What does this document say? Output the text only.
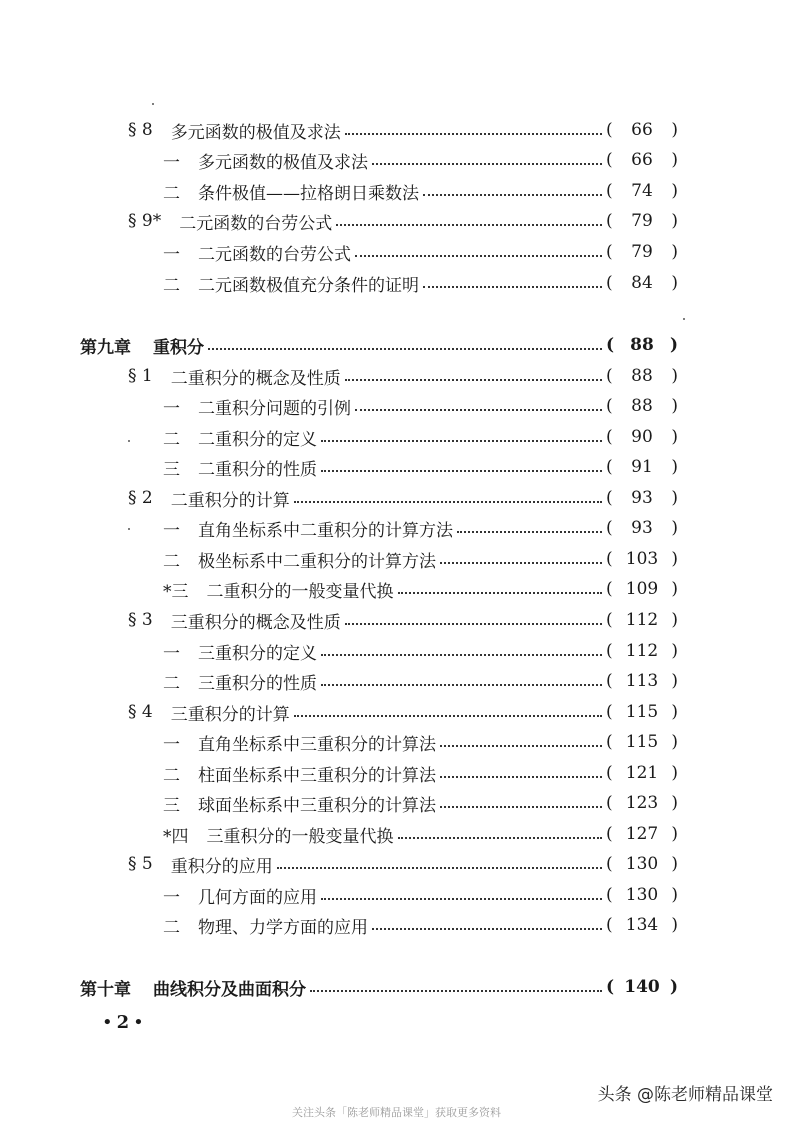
§ 8 多元函数的极值及求法	(	66	)
一 多元函数的极值及求法	(	66	)
二 条件极值——拉格朗日乘数法	(	74	)
§ 9* 二元函数的台劳公式	(	79	)
一 二元函数的台劳公式	(	79	)
二 二元函数极值充分条件的证明	(	84	)
第九章 重积分	( 88 )
§ 1 二重积分的概念及性质	(	88	)
一 二重积分问题的引例	(	88	)
二 二重积分的定义	(	90	)
三 二重积分的性质	(	91	)
§ 2 二重积分的计算	(	93	)
一 直角坐标系中二重积分的计算方法	(	93	)
二 极坐标系中二重积分的计算方法	( 103 )
*三 二重积分的一般变量代换	( 109 )
§ 3 三重积分的概念及性质	( 112 )
一 三重积分的定义	( 112 )
二 三重积分的性质	( 113 )
§ 4 三重积分的计算	( 115 )
一 直角坐标系中三重积分的计算法	( 115 )
二 柱面坐标系中三重积分的计算法	( 121 )
三 球面坐标系中三重积分的计算法	( 123 )
*四 三重积分的一般变量代换	( 127 )
§ 5 重积分的应用	( 130 )
一 几何方面的应用	( 130 )
二 物理、力学方面的应用	( 134 )
第十章 曲线积分及曲面积分	( 140 )
• 2 •
头条 @陈老师精品课堂
关注头条「陈老师精品课堂」获取更多资料
